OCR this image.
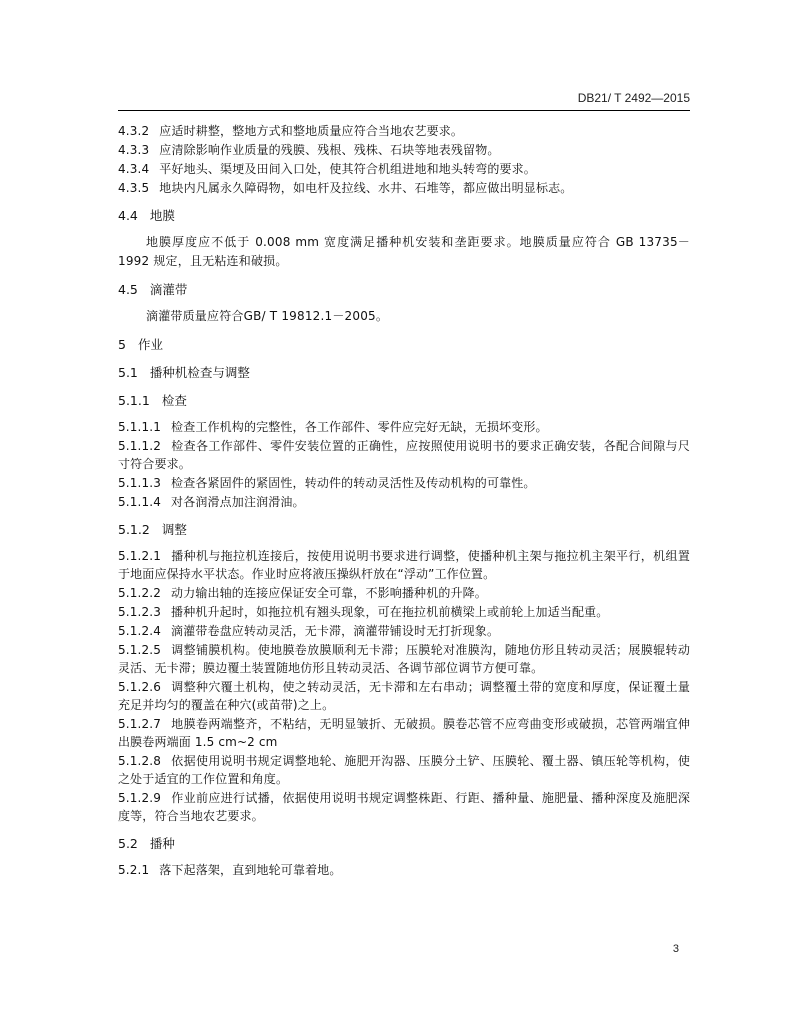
DB21/ T 2492—2015
4.3.2 应适时耕整，整地方式和整地质量应符合当地农艺要求。
4.3.3 应清除影响作业质量的残膜、残根、残株、石块等地表残留物。
4.3.4 平好地头、渠埂及田间入口处，使其符合机组进地和地头转弯的要求。
4.3.5 地块内凡属永久障碍物，如电杆及拉线、水井、石堆等，都应做出明显标志。
4.4 地膜
地膜厚度应不低于 0.008 mm 宽度满足播种机安装和垄距要求。地膜质量应符合 GB 13735－1992 规定，且无粘连和破损。
4.5 滴灌带
滴灌带质量应符合GB/ T 19812.1－2005。
5 作业
5.1 播种机检查与调整
5.1.1 检查
5.1.1.1 检查工作机构的完整性，各工作部件、零件应完好无缺，无损坏变形。
5.1.1.2 检查各工作部件、零件安装位置的正确性，应按照使用说明书的要求正确安装，各配合间隙与尺寸符合要求。
5.1.1.3 检查各紧固件的紧固性，转动件的转动灵活性及传动机构的可靠性。
5.1.1.4 对各润滑点加注润滑油。
5.1.2 调整
5.1.2.1 播种机与拖拉机连接后，按使用说明书要求进行调整，使播种机主架与拖拉机主架平行，机组置于地面应保持水平状态。作业时应将液压操纵杆放在“浮动”工作位置。
5.1.2.2 动力输出轴的连接应保证安全可靠，不影响播种机的升降。
5.1.2.3 播种机升起时，如拖拉机有翘头现象，可在拖拉机前横梁上或前轮上加适当配重。
5.1.2.4 滴灌带卷盘应转动灵活，无卡滞，滴灌带铺设时无打折现象。
5.1.2.5 调整铺膜机构。使地膜卷放膜顺利无卡滞；压膜轮对准膜沟，随地仿形且转动灵活；展膜辊转动灵活、无卡滞；膜边覆土装置随地仿形且转动灵活、各调节部位调节方便可靠。
5.1.2.6 调整种穴覆土机构，使之转动灵活，无卡滞和左右串动；调整覆土带的宽度和厚度，保证覆土量充足并均匀的覆盖在种穴(或苗带)之上。
5.1.2.7 地膜卷两端整齐，不粘结，无明显皱折、无破损。膜卷芯管不应弯曲变形或破损，芯管两端宜伸出膜卷两端面 1.5 cm~2 cm
5.1.2.8 依据使用说明书规定调整地轮、施肥开沟器、压膜分土铲、压膜轮、覆土器、镇压轮等机构，使之处于适宜的工作位置和角度。
5.1.2.9 作业前应进行试播，依据使用说明书规定调整株距、行距、播种量、施肥量、播种深度及施肥深度等，符合当地农艺要求。
5.2 播种
5.2.1 落下起落架，直到地轮可靠着地。
3
